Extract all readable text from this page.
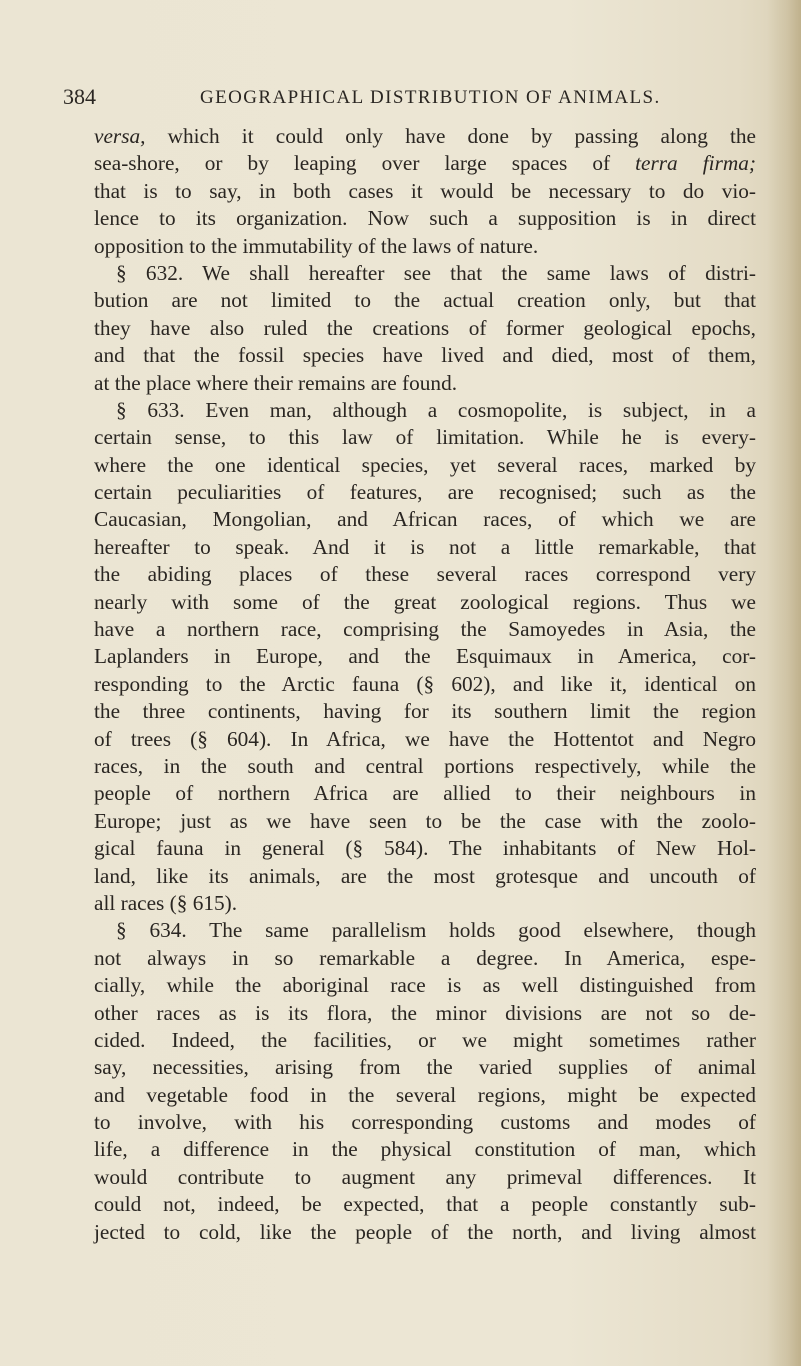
384	GEOGRAPHICAL DISTRIBUTION OF ANIMALS.
versa, which it could only have done by passing along the
sea-shore, or by leaping over large spaces of terra firma;
that is to say, in both cases it would be necessary to do vio-
lence to its organization. Now such a supposition is in direct
opposition to the immutability of the laws of nature.
§ 632. We shall hereafter see that the same laws of distri-
bution are not limited to the actual creation only, but that
they have also ruled the creations of former geological epochs,
and that the fossil species have lived and died, most of them,
at the place where their remains are found.
§ 633. Even man, although a cosmopolite, is subject, in a
certain sense, to this law of limitation. While he is every-
where the one identical species, yet several races, marked by
certain peculiarities of features, are recognised; such as the
Caucasian, Mongolian, and African races, of which we are
hereafter to speak. And it is not a little remarkable, that
the abiding places of these several races correspond very
nearly with some of the great zoological regions. Thus we
have a northern race, comprising the Samoyedes in Asia, the
Laplanders in Europe, and the Esquimaux in America, cor-
responding to the Arctic fauna (§ 602), and like it, identical on
the three continents, having for its southern limit the region
of trees (§ 604). In Africa, we have the Hottentot and Negro
races, in the south and central portions respectively, while the
people of northern Africa are allied to their neighbours in
Europe; just as we have seen to be the case with the zoolo-
gical fauna in general (§ 584). The inhabitants of New Hol-
land, like its animals, are the most grotesque and uncouth of
all races (§ 615).
§ 634. The same parallelism holds good elsewhere, though
not always in so remarkable a degree. In America, espe-
cially, while the aboriginal race is as well distinguished from
other races as is its flora, the minor divisions are not so de-
cided. Indeed, the facilities, or we might sometimes rather
say, necessities, arising from the varied supplies of animal
and vegetable food in the several regions, might be expected
to involve, with his corresponding customs and modes of
life, a difference in the physical constitution of man, which
would contribute to augment any primeval differences. It
could not, indeed, be expected, that a people constantly sub-
jected to cold, like the people of the north, and living almost
